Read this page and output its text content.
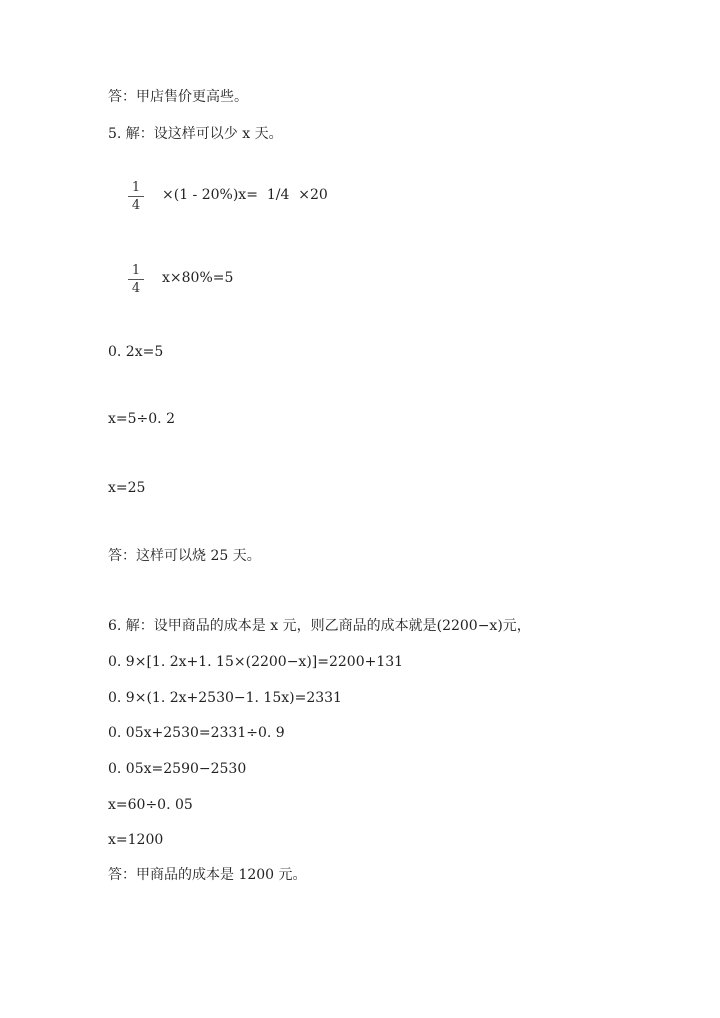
答：甲店售价更高些。
5. 解：设这样可以少 x 天。
1
4
×(1 - 20%)x=  1/4  ×20
1
4
x×80%=5
0. 2x=5
x=5÷0. 2
x=25
答：这样可以烧 25 天。
6. 解：设甲商品的成本是 x 元，则乙商品的成本就是(2200−x)元，
0. 9×[1. 2x+1. 15×(2200−x)]=2200+131
0. 9×(1. 2x+2530−1. 15x)=2331
0. 05x+2530=2331÷0. 9
0. 05x=2590−2530
x=60÷0. 05
x=1200
答：甲商品的成本是 1200 元。
